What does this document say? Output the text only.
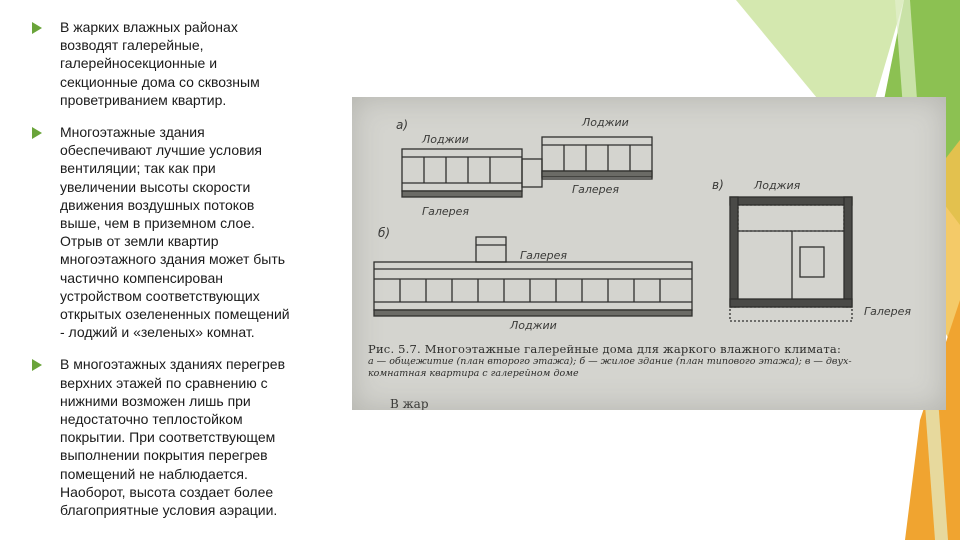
В жарких влажных районах
возводят галерейные,
галерейносекционные и
секционные дома со сквозным
проветриванием квартир.
Многоэтажные здания
обеспечивают лучшие условия
вентиляции; так как при
увеличении высоты скорости
движения воздушных потоков
выше, чем в приземном слое.
Отрыв от земли квартир
многоэтажного здания может быть
частично компенсирован
устройством соответствующих
открытых озелененных помещений
- лоджий и «зеленых» комнат.
В многоэтажных зданиях перегрев
верхних этажей по сравнению с
нижними возможен лишь при
недостаточно теплостойком
покрытии. При соответствующем
выполнении покрытия перегрев
помещений не наблюдается.
Наоборот, высота создает более
благоприятные условия аэрации.
а)
Лоджии
Лоджии
Галерея
Галерея
б)
Галерея
Лоджии
в)	Лоджия
Галерея
Рис. 5.7. Многоэтажные галерейные дома для жаркого влажного климата:
а — общежитие (план второго этажа); б — жилое здание (план типового этажа); в — двух-
комнатная квартира с галерейном доме
В жар
